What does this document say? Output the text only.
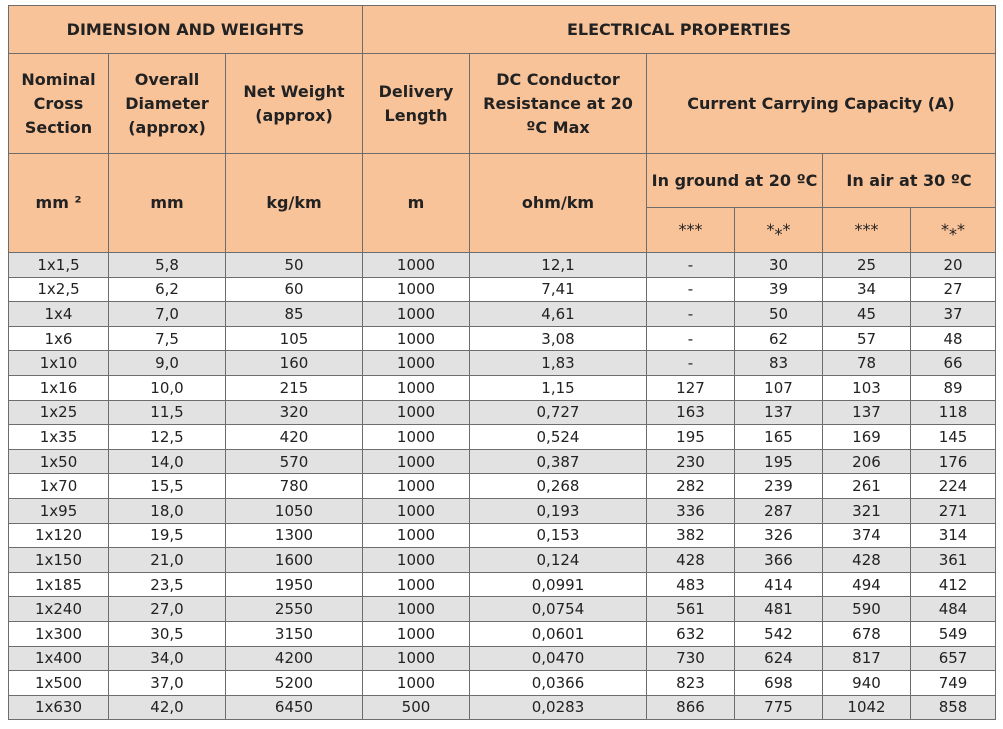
DIMENSION AND WEIGHTS			ELECTRICAL PROPERTIES					
Nominal Cross Section	Overall Diameter (approx)	Net Weight (approx)	Delivery Length	DC Conductor Resistance at 20 ºC Max	Current Carrying Capacity (A)			
mm ²	mm	kg/km	m	ohm/km	In ground at 20 ºC		In air at 30 ºC	
					***	*⁎*	***	*⁎*
1x1,5	5,8	50	1000	12,1	-	30	25	20
1x2,5	6,2	60	1000	7,41	-	39	34	27
1x4	7,0	85	1000	4,61	-	50	45	37
1x6	7,5	105	1000	3,08	-	62	57	48
1x10	9,0	160	1000	1,83	-	83	78	66
1x16	10,0	215	1000	1,15	127	107	103	89
1x25	11,5	320	1000	0,727	163	137	137	118
1x35	12,5	420	1000	0,524	195	165	169	145
1x50	14,0	570	1000	0,387	230	195	206	176
1x70	15,5	780	1000	0,268	282	239	261	224
1x95	18,0	1050	1000	0,193	336	287	321	271
1x120	19,5	1300	1000	0,153	382	326	374	314
1x150	21,0	1600	1000	0,124	428	366	428	361
1x185	23,5	1950	1000	0,0991	483	414	494	412
1x240	27,0	2550	1000	0,0754	561	481	590	484
1x300	30,5	3150	1000	0,0601	632	542	678	549
1x400	34,0	4200	1000	0,0470	730	624	817	657
1x500	37,0	5200	1000	0,0366	823	698	940	749
1x630	42,0	6450	500	0,0283	866	775	1042	858
